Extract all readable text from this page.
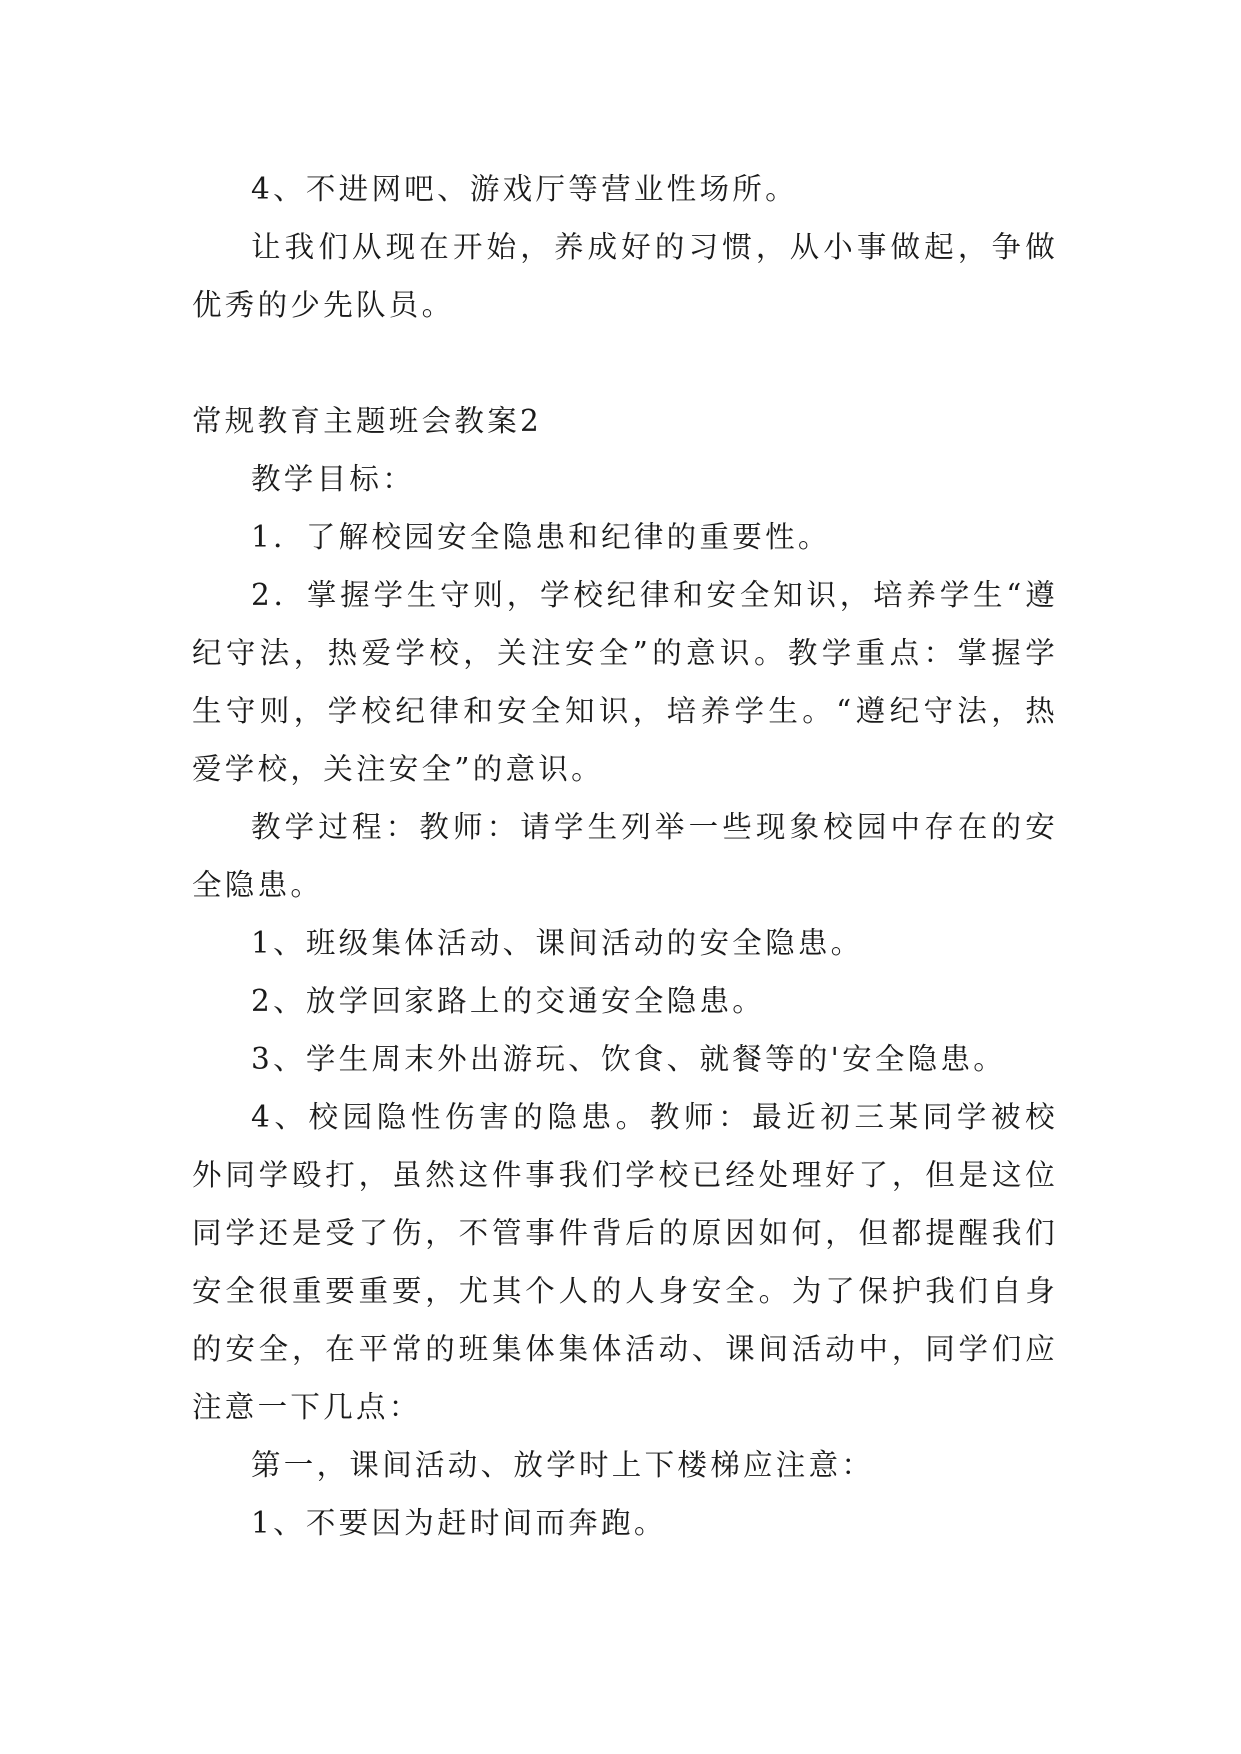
4、不进网吧、游戏厅等营业性场所。

让我们从现在开始，养成好的习惯，从小事做起，争做优秀的少先队员。

常规教育主题班会教案2

教学目标：

1．了解校园安全隐患和纪律的重要性。

2．掌握学生守则，学校纪律和安全知识，培养学生“遵纪守法，热爱学校，关注安全”的意识。教学重点：掌握学生守则，学校纪律和安全知识，培养学生。“遵纪守法，热爱学校，关注安全”的意识。

教学过程：教师：请学生列举一些现象校园中存在的安全隐患。

1、班级集体活动、课间活动的安全隐患。

2、放学回家路上的交通安全隐患。

3、学生周末外出游玩、饮食、就餐等的'安全隐患。

4、校园隐性伤害的隐患。教师：最近初三某同学被校外同学殴打，虽然这件事我们学校已经处理好了，但是这位同学还是受了伤，不管事件背后的原因如何，但都提醒我们安全很重要重要，尤其个人的人身安全。为了保护我们自身的安全，在平常的班集体集体活动、课间活动中，同学们应注意一下几点：

第一，课间活动、放学时上下楼梯应注意：

1、不要因为赶时间而奔跑。
